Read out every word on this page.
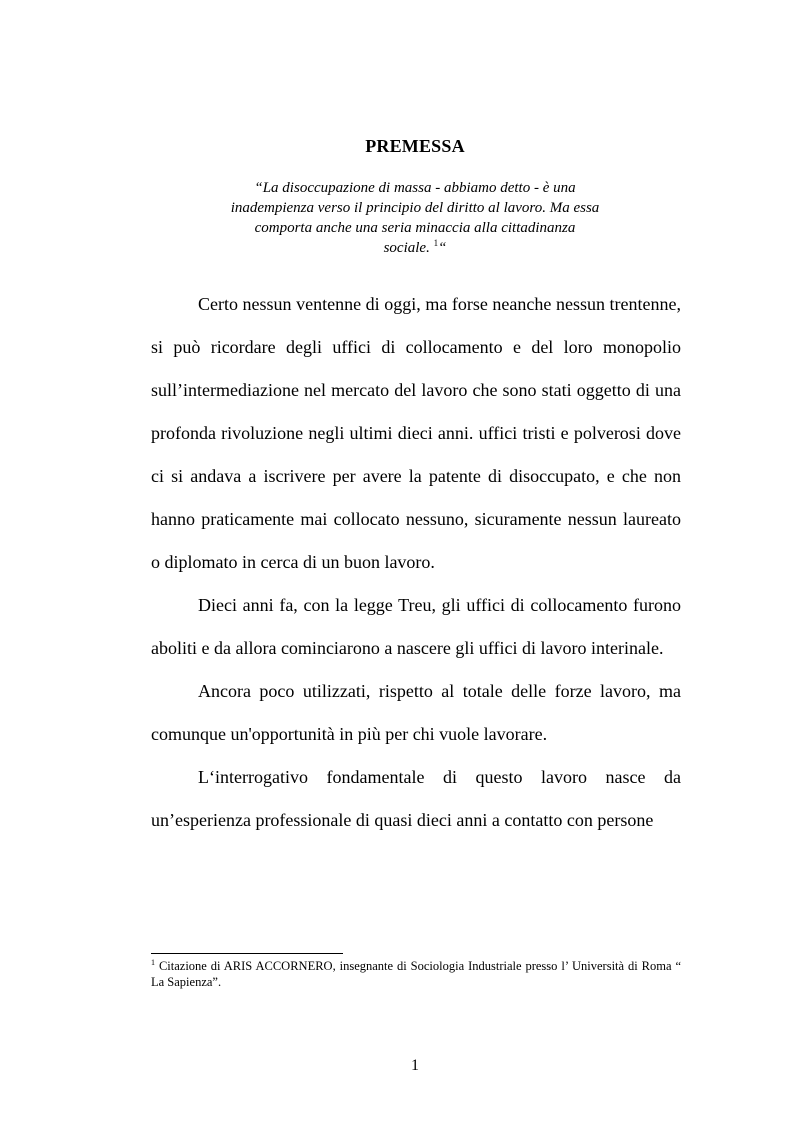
PREMESSA
“La disoccupazione di massa - abbiamo detto - è una inadempienza verso il principio del diritto al lavoro. Ma essa comporta anche una seria minaccia alla cittadinanza sociale. $^1$“

Certo nessun ventenne di oggi, ma forse neanche nessun trentenne, si può ricordare degli uffici di collocamento e del loro monopolio sull’intermediazione nel mercato del lavoro che sono stati oggetto di una profonda rivoluzione negli ultimi dieci anni. uffici tristi e polverosi dove ci si andava a iscrivere per avere la patente di disoccupato, e che non hanno praticamente mai collocato nessuno, sicuramente nessun laureato o diplomato in cerca di un buon lavoro.

Dieci anni fa, con la legge Treu, gli uffici di collocamento furono aboliti e da allora cominciarono a nascere gli uffici di lavoro interinale.

Ancora poco utilizzati, rispetto al totale delle forze lavoro, ma comunque un'opportunità in più per chi vuole lavorare.

L‘interrogativo fondamentale di questo lavoro nasce da un’esperienza professionale di quasi dieci anni a contatto con persone

$^1$ Citazione di ARIS ACCORNERO, insegnante di Sociologia Industriale presso l’ Università di Roma “ La Sapienza”.
1
